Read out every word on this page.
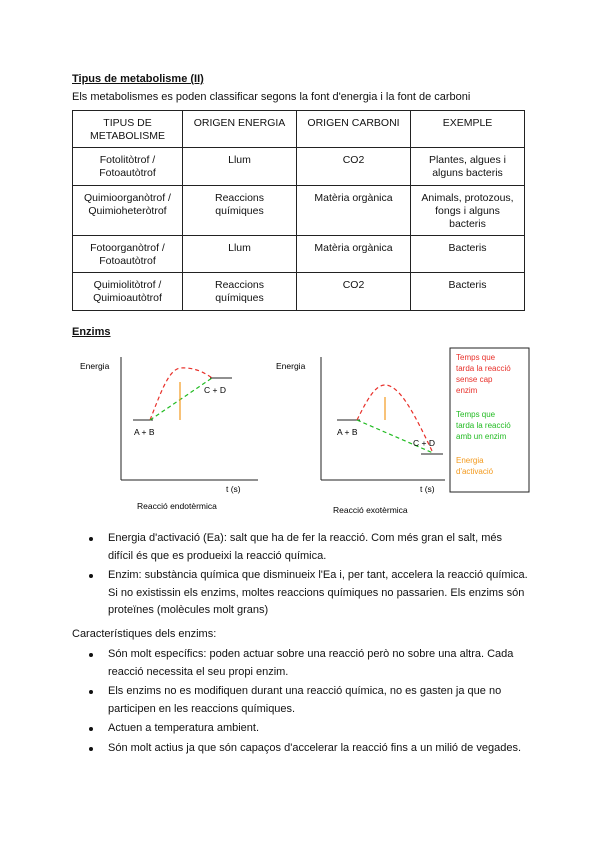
Tipus de metabolisme (II)
Els metabolismes es poden classificar segons la font d'energia i la font de carboni
TIPUS DE
METABOLISME	ORIGEN ENERGIA	ORIGEN CARBONI	EXEMPLE
Fotolitòtrof /
Fotoautòtrof	Llum	CO2	Plantes, algues i
alguns bacteris
Quimioorganòtrof /
Quimioheteròtrof	Reaccions
químiques	Matèria orgànica	Animals, protozous,
fongs i alguns
bacteris
Fotoorganòtrof /
Fotoautòtrof	Llum	Matèria orgànica	Bacteris
Quimiolitòtrof /
Quimioautòtrof	Reaccions
químiques	CO2	Bacteris
Enzims
Energia
t (s)
A + B
C + D
Reacció endotèrmica
Energia
t (s)
A + B
C + D
Reacció exotèrmica
Temps que
tarda la reacció
sense cap
enzim
Temps que
tarda la reacció
amb un enzim
Energia
d'activació
Energia d'activació (Ea): salt que ha de fer la reacció. Com més gran el salt, més difícil és que es produeixi la reacció química.
Enzim: substància química que disminueix l'Ea i, per tant, accelera la reacció química. Si no existissin els enzims, moltes reaccions químiques no passarien. Els enzims són proteïnes (molècules molt grans)
Característiques dels enzims:
Són molt específics: poden actuar sobre una reacció però no sobre una altra. Cada reacció necessita el seu propi enzim.
Els enzims no es modifiquen durant una reacció química, no es gasten ja que no participen en les reaccions químiques.
Actuen a temperatura ambient.
Són molt actius ja que són capaços d'accelerar la reacció fins a un milió de vegades.
